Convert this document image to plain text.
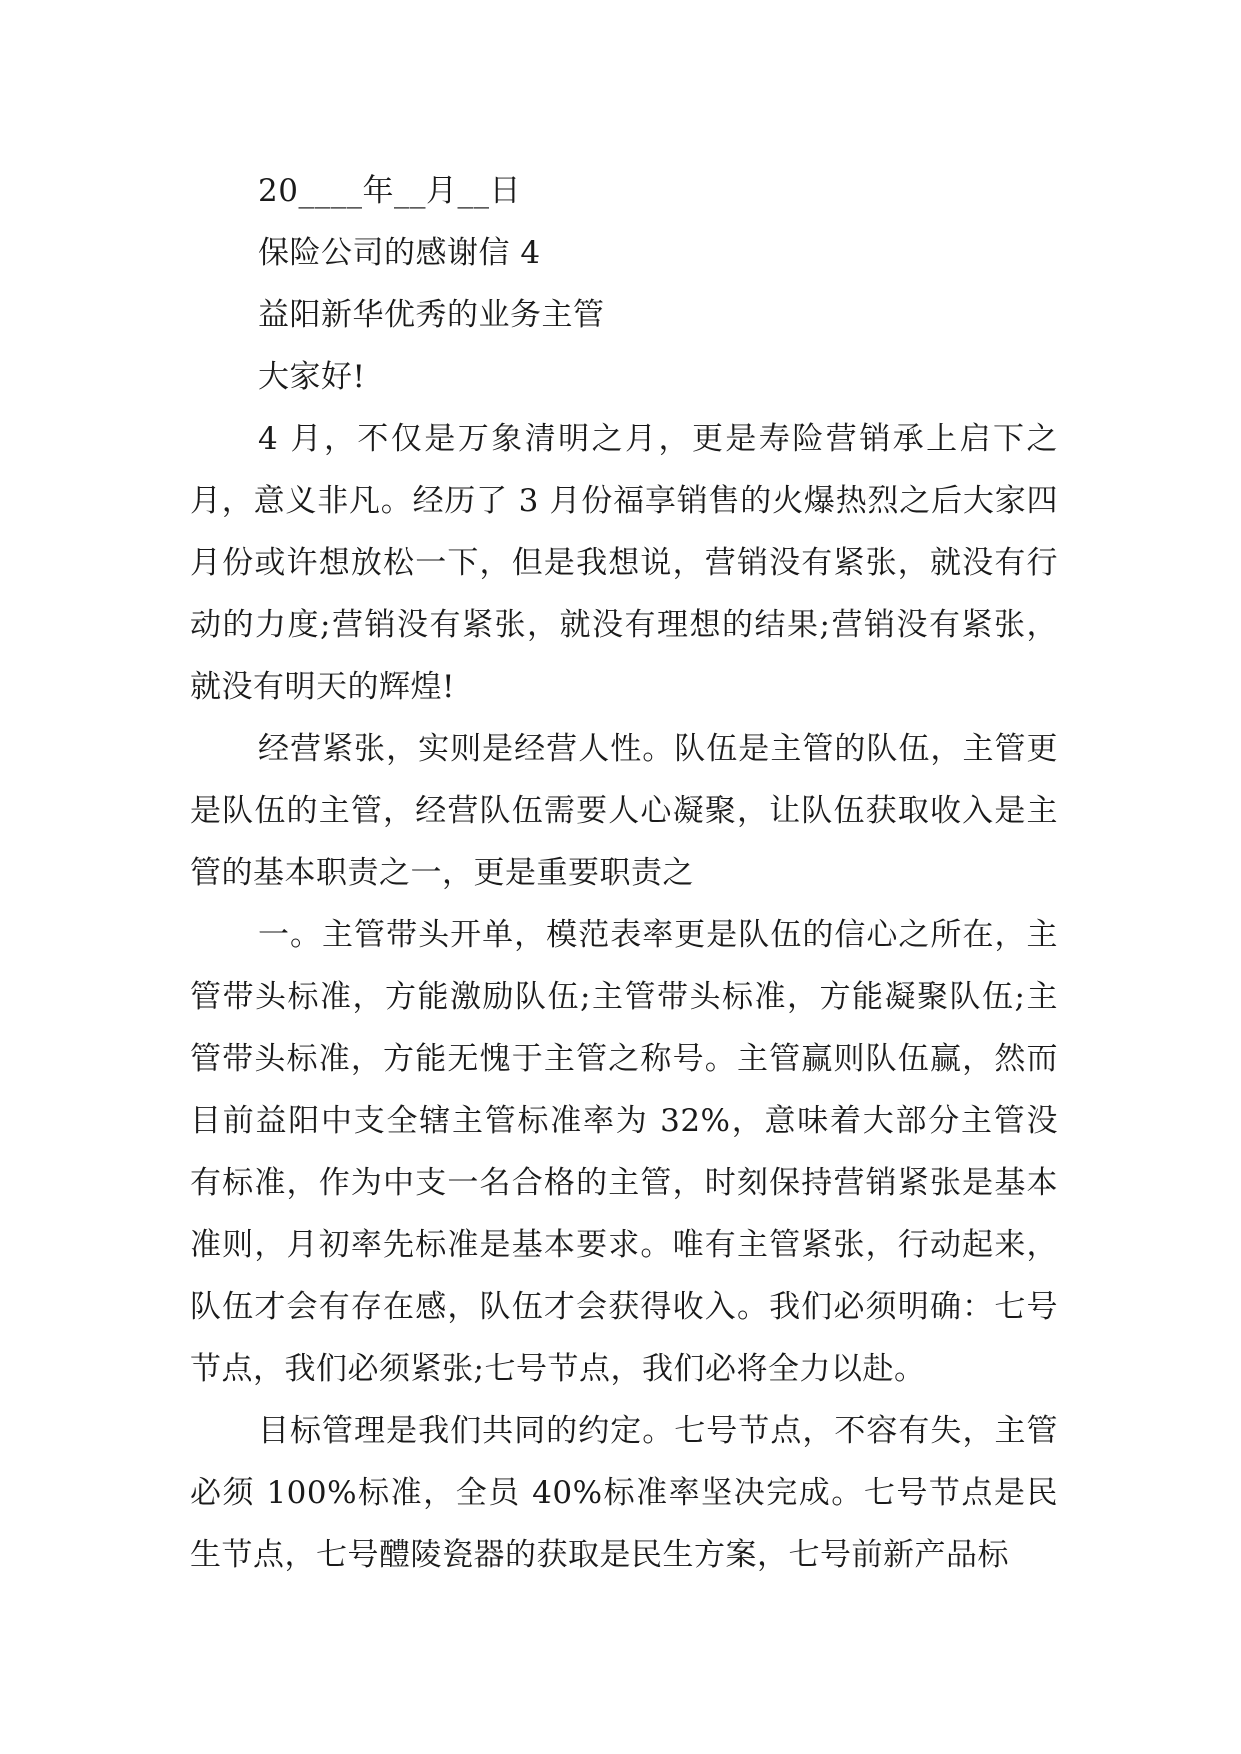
20____年__月__日

保险公司的感谢信 4

益阳新华优秀的业务主管

大家好!

4 月，不仅是万象清明之月，更是寿险营销承上启下之月，意义非凡。经历了 3 月份福享销售的火爆热烈之后大家四月份或许想放松一下，但是我想说，营销没有紧张，就没有行动的力度;营销没有紧张，就没有理想的结果;营销没有紧张，就没有明天的辉煌!

经营紧张，实则是经营人性。队伍是主管的队伍，主管更是队伍的主管，经营队伍需要人心凝聚，让队伍获取收入是主管的基本职责之一，更是重要职责之

一。主管带头开单，模范表率更是队伍的信心之所在，主管带头标准，方能激励队伍;主管带头标准，方能凝聚队伍;主管带头标准，方能无愧于主管之称号。主管赢则队伍赢，然而目前益阳中支全辖主管标准率为 32%，意味着大部分主管没有标准，作为中支一名合格的主管，时刻保持营销紧张是基本准则，月初率先标准是基本要求。唯有主管紧张，行动起来，队伍才会有存在感，队伍才会获得收入。我们必须明确：七号节点，我们必须紧张;七号节点，我们必将全力以赴。

目标管理是我们共同的约定。七号节点，不容有失，主管必须 100%标准，全员 40%标准率坚决完成。七号节点是民生节点，七号醴陵瓷器的获取是民生方案，七号前新产品标
